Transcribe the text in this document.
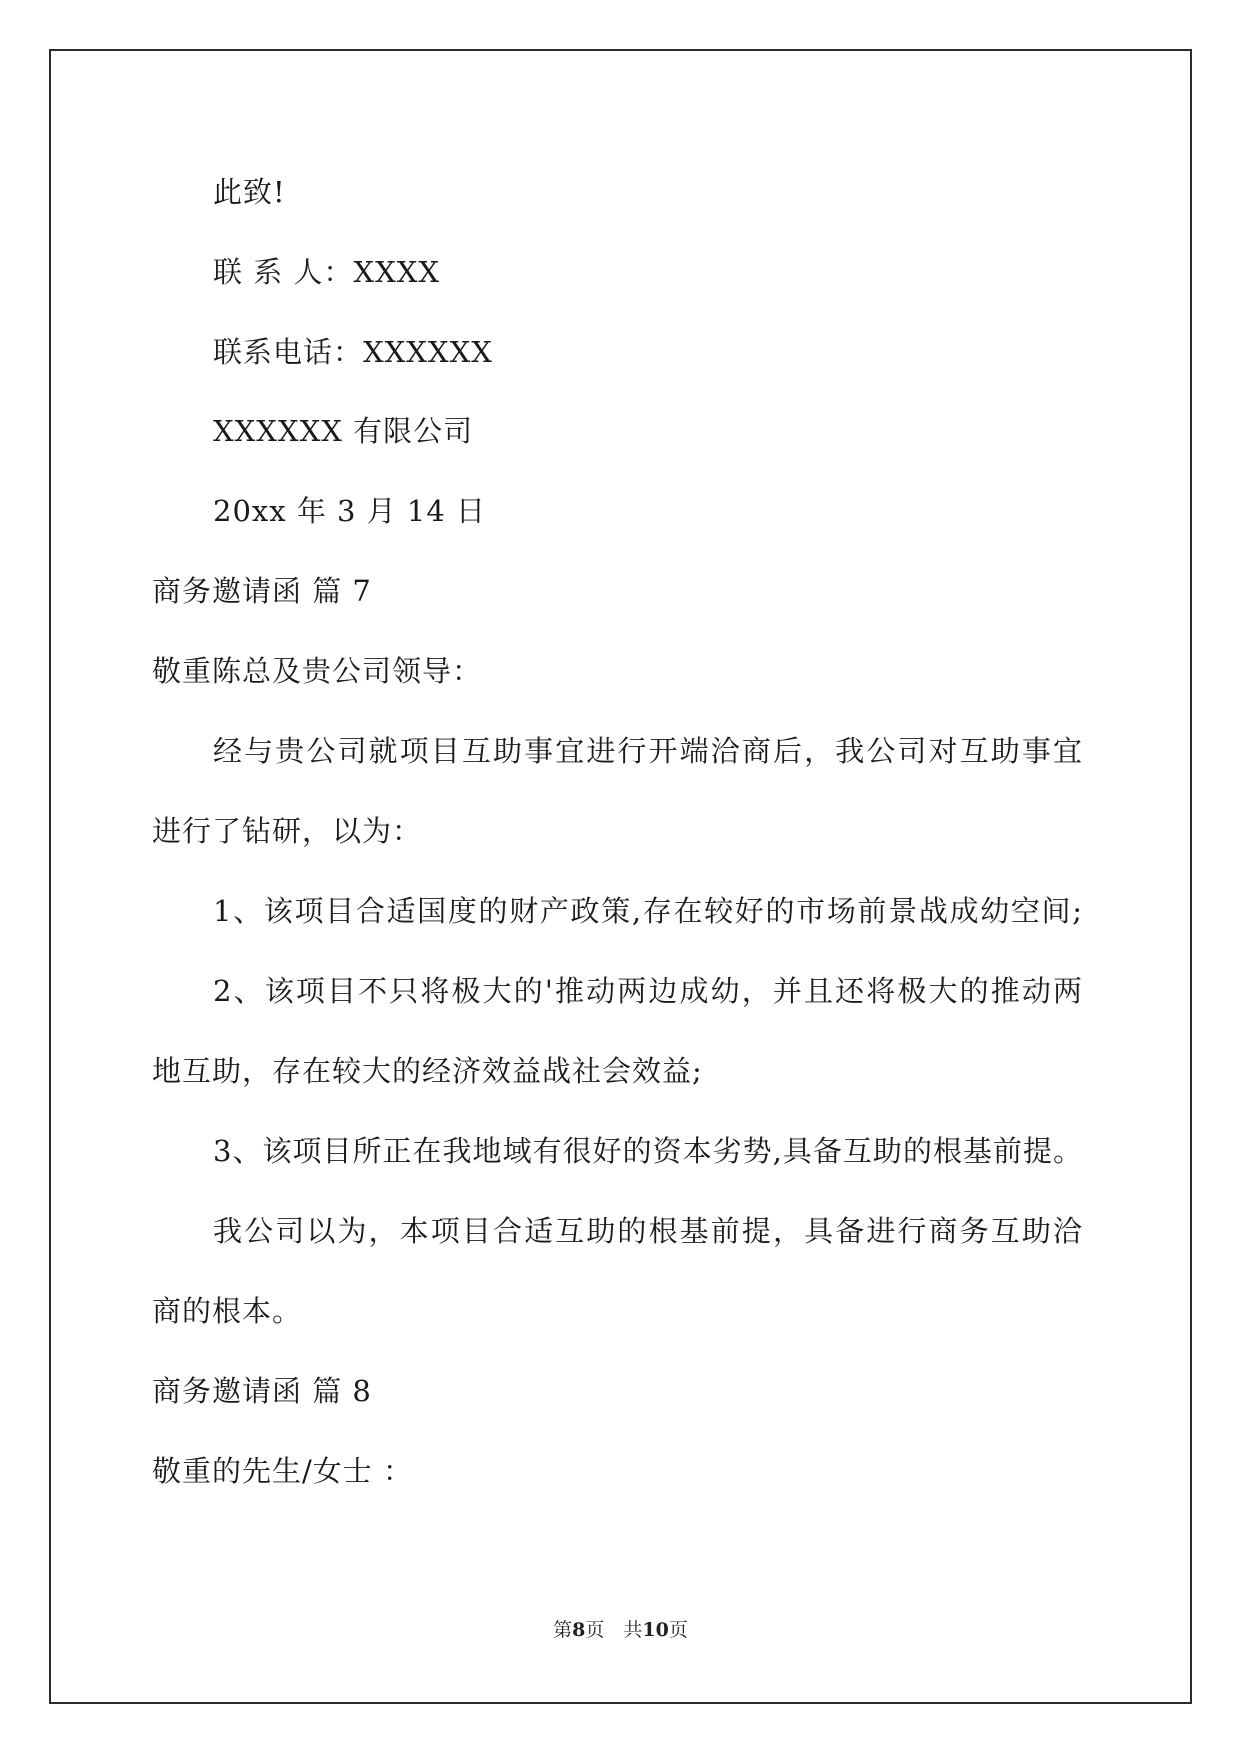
此致!
联 系 人：XXXX
联系电话：XXXXXX
XXXXXX 有限公司
20xx 年 3 月 14 日
商务邀请函 篇 7
敬重陈总及贵公司领导：
经与贵公司就项目互助事宜进行开端洽商后，我公司对互助事宜
进行了钻研，以为：
1、该项目合适国度的财产政策,存在较好的市场前景战成幼空间;
2、该项目不只将极大的'推动两边成幼，并且还将极大的推动两
地互助，存在较大的经济效益战社会效益;
3、该项目所正在我地域有很好的资本劣势,具备互助的根基前提。
我公司以为，本项目合适互助的根基前提，具备进行商务互助洽
商的根本。
商务邀请函 篇 8
敬重的先生/女士 ：
第8页　共10页
